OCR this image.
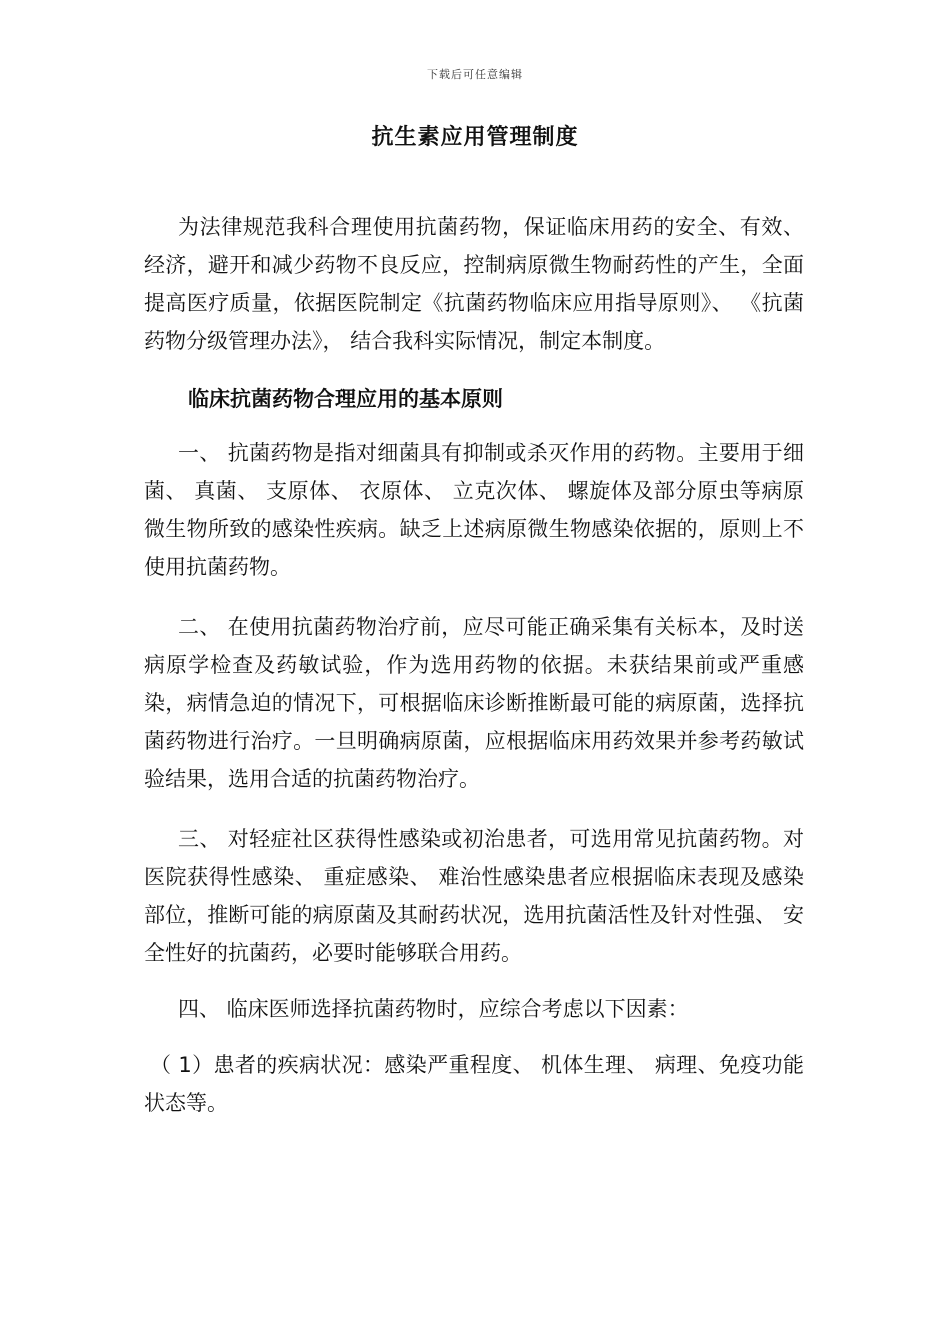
下载后可任意编辑
抗生素应用管理制度

为法律规范我科合理使用抗菌药物，保证临床用药的安全、有效、 经济，避开和减少药物不良反应，控制病原微生物耐药性的产生，全面提高医疗质量，依据医院制定《抗菌药物临床应用指导原则》、 《抗菌药物分级管理办法》， 结合我科实际情况，制定本制度。

临床抗菌药物合理应用的基本原则

一、 抗菌药物是指对细菌具有抑制或杀灭作用的药物。主要用于细菌、 真菌、 支原体、 衣原体、 立克次体、 螺旋体及部分原虫等病原微生物所致的感染性疾病。缺乏上述病原微生物感染依据的，原则上不使用抗菌药物。

二、 在使用抗菌药物治疗前，应尽可能正确采集有关标本，及时送病原学检查及药敏试验，作为选用药物的依据。未获结果前或严重感染，病情急迫的情况下，可根据临床诊断推断最可能的病原菌，选择抗菌药物进行治疗。一旦明确病原菌，应根据临床用药效果并参考药敏试验结果，选用合适的抗菌药物治疗。

三、 对轻症社区获得性感染或初治患者，可选用常见抗菌药物。对医院获得性感染、 重症感染、 难治性感染患者应根据临床表现及感染部位，推断可能的病原菌及其耐药状况，选用抗菌活性及针对性强、 安全性好的抗菌药，必要时能够联合用药。

四、 临床医师选择抗菌药物时，应综合考虑以下因素：

（ 1）患者的疾病状况：感染严重程度、 机体生理、 病理、免疫功能状态等。
